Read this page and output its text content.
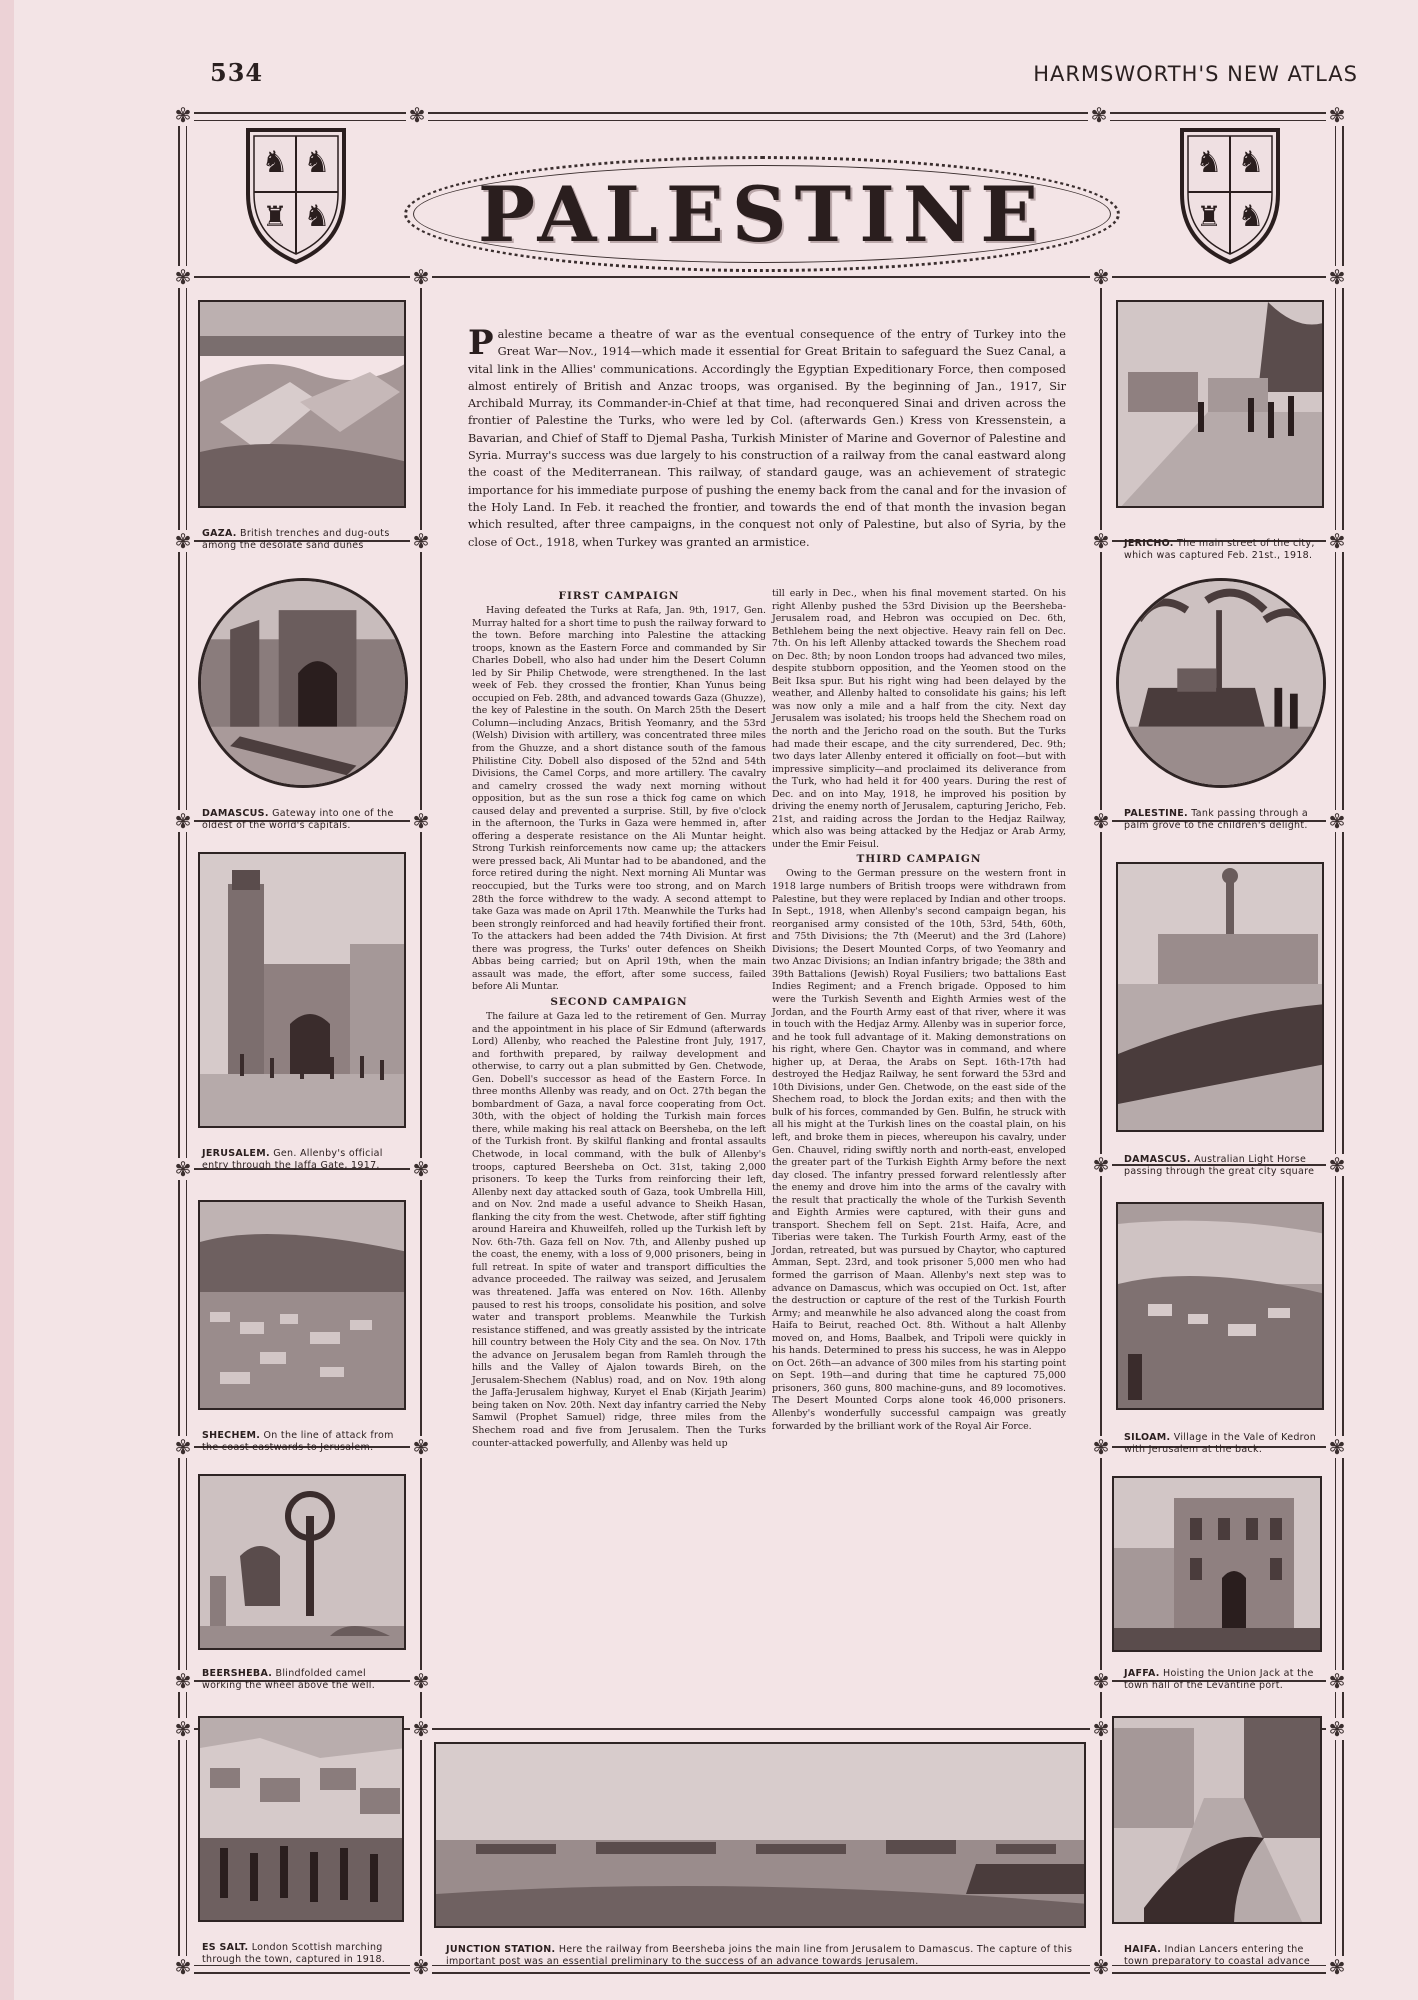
534	HARMSWORTH'S NEW ATLAS
✾	✾	✾	✾
✾	✾	✾	✾
✾	✾	✾	✾
✾	✾	✾	✾
✾	✾	✾	✾
✾	✾	✾	✾
✾	✾	✾	✾
✾	✾	✾	✾
✾	✾	✾	✾
♞ ♞
♜ ♞
♞ ♞
♜ ♞
PALESTINE
GAZA. British trenches and dug-outs among the desolate sand dunes
DAMASCUS. Gateway into one of the oldest of the world's capitals.
JERUSALEM. Gen. Allenby's official entry through the Jaffa Gate, 1917.
SHECHEM. On the line of attack from the coast eastwards to Jerusalem.
BEERSHEBA. Blindfolded camel working the wheel above the well.
ES SALT. London Scottish marching through the town, captured in 1918.
JERICHO. The main street of the city, which was captured Feb. 21st., 1918.
PALESTINE. Tank passing through a palm grove to the children's delight.
DAMASCUS. Australian Light Horse passing through the great city square
SILOAM. Village in the Vale of Kedron with Jerusalem at the back.
JAFFA. Hoisting the Union Jack at the town hall of the Levantine port.
HAIFA. Indian Lancers entering the town preparatory to coastal advance
JUNCTION STATION. Here the railway from Beersheba joins the main line from Jerusalem to Damascus. The capture of this important post was an essential preliminary to the success of an advance towards Jerusalem.
Palestine became a theatre of war as the eventual consequence of the entry of Turkey into the Great War—Nov., 1914—which made it essential for Great Britain to safeguard the Suez Canal, a vital link in the Allies' communications. Accordingly the Egyptian Expeditionary Force, then composed almost entirely of British and Anzac troops, was organised. By the beginning of Jan., 1917, Sir Archibald Murray, its Commander-in-Chief at that time, had reconquered Sinai and driven across the frontier of Palestine the Turks, who were led by Col. (afterwards Gen.) Kress von Kressenstein, a Bavarian, and Chief of Staff to Djemal Pasha, Turkish Minister of Marine and Governor of Palestine and Syria. Murray's success was due largely to his construction of a railway from the canal eastward along the coast of the Mediterranean. This railway, of standard gauge, was an achievement of strategic importance for his immediate purpose of pushing the enemy back from the canal and for the invasion of the Holy Land. In Feb. it reached the frontier, and towards the end of that month the invasion began which resulted, after three campaigns, in the conquest not only of Palestine, but also of Syria, by the close of Oct., 1918, when Turkey was granted an armistice.
FIRST CAMPAIGN

Having defeated the Turks at Rafa, Jan. 9th, 1917, Gen. Murray halted for a short time to push the railway forward to the town. Before marching into Palestine the attacking troops, known as the Eastern Force and commanded by Sir Charles Dobell, who also had under him the Desert Column led by Sir Philip Chetwode, were strengthened. In the last week of Feb. they crossed the frontier, Khan Yunus being occupied on Feb. 28th, and advanced towards Gaza (Ghuzze), the key of Palestine in the south. On March 25th the Desert Column—including Anzacs, British Yeomanry, and the 53rd (Welsh) Division with artillery, was concentrated three miles from the Ghuzze, and a short distance south of the famous Philistine City. Dobell also disposed of the 52nd and 54th Divisions, the Camel Corps, and more artillery. The cavalry and camelry crossed the wady next morning without opposition, but as the sun rose a thick fog came on which caused delay and prevented a surprise. Still, by five o'clock in the afternoon, the Turks in Gaza were hemmed in, after offering a desperate resistance on the Ali Muntar height. Strong Turkish reinforcements now came up; the attackers were pressed back, Ali Muntar had to be abandoned, and the force retired during the night. Next morning Ali Muntar was reoccupied, but the Turks were too strong, and on March 28th the force withdrew to the wady. A second attempt to take Gaza was made on April 17th. Meanwhile the Turks had been strongly reinforced and had heavily fortified their front. To the attackers had been added the 74th Division. At first there was progress, the Turks' outer defences on Sheikh Abbas being carried; but on April 19th, when the main assault was made, the effort, after some success, failed before Ali Muntar.

SECOND CAMPAIGN

The failure at Gaza led to the retirement of Gen. Murray and the appointment in his place of Sir Edmund (afterwards Lord) Allenby, who reached the Palestine front July, 1917, and forthwith prepared, by railway development and otherwise, to carry out a plan submitted by Gen. Chetwode, Gen. Dobell's successor as head of the Eastern Force. In three months Allenby was ready, and on Oct. 27th began the bombardment of Gaza, a naval force cooperating from Oct. 30th, with the object of holding the Turkish main forces there, while making his real attack on Beersheba, on the left of the Turkish front. By skilful flanking and frontal assaults Chetwode, in local command, with the bulk of Allenby's troops, captured Beersheba on Oct. 31st, taking 2,000 prisoners. To keep the Turks from reinforcing their left, Allenby next day attacked south of Gaza, took Umbrella Hill, and on Nov. 2nd made a useful advance to Sheikh Hasan, flanking the city from the west. Chetwode, after stiff fighting around Hareira and Khuweilfeh, rolled up the Turkish left by Nov. 6th-7th. Gaza fell on Nov. 7th, and Allenby pushed up the coast, the enemy, with a loss of 9,000 prisoners, being in full retreat. In spite of water and transport difficulties the advance proceeded. The railway was seized, and Jerusalem was threatened. Jaffa was entered on Nov. 16th. Allenby paused to rest his troops, consolidate his position, and solve water and transport problems. Meanwhile the Turkish resistance stiffened, and was greatly assisted by the intricate hill country between the Holy City and the sea. On Nov. 17th the advance on Jerusalem began from Ramleh through the hills and the Valley of Ajalon towards Bireh, on the Jerusalem-Shechem (Nablus) road, and on Nov. 19th along the Jaffa-Jerusalem highway, Kuryet el Enab (Kirjath Jearim) being taken on Nov. 20th. Next day infantry carried the Neby Samwil (Prophet Samuel) ridge, three miles from the Shechem road and five from Jerusalem. Then the Turks counter-attacked powerfully, and Allenby was held up

till early in Dec., when his final movement started. On his right Allenby pushed the 53rd Division up the Beersheba-Jerusalem road, and Hebron was occupied on Dec. 6th, Bethlehem being the next objective. Heavy rain fell on Dec. 7th. On his left Allenby attacked towards the Shechem road on Dec. 8th; by noon London troops had advanced two miles, despite stubborn opposition, and the Yeomen stood on the Beit Iksa spur. But his right wing had been delayed by the weather, and Allenby halted to consolidate his gains; his left was now only a mile and a half from the city. Next day Jerusalem was isolated; his troops held the Shechem road on the north and the Jericho road on the south. But the Turks had made their escape, and the city surrendered, Dec. 9th; two days later Allenby entered it officially on foot—but with impressive simplicity—and proclaimed its deliverance from the Turk, who had held it for 400 years. During the rest of Dec. and on into May, 1918, he improved his position by driving the enemy north of Jerusalem, capturing Jericho, Feb. 21st, and raiding across the Jordan to the Hedjaz Railway, which also was being attacked by the Hedjaz or Arab Army, under the Emir Feisul.

THIRD CAMPAIGN

Owing to the German pressure on the western front in 1918 large numbers of British troops were withdrawn from Palestine, but they were replaced by Indian and other troops. In Sept., 1918, when Allenby's second campaign began, his reorganised army consisted of the 10th, 53rd, 54th, 60th, and 75th Divisions; the 7th (Meerut) and the 3rd (Lahore) Divisions; the Desert Mounted Corps, of two Yeomanry and two Anzac Divisions; an Indian infantry brigade; the 38th and 39th Battalions (Jewish) Royal Fusiliers; two battalions East Indies Regiment; and a French brigade. Opposed to him were the Turkish Seventh and Eighth Armies west of the Jordan, and the Fourth Army east of that river, where it was in touch with the Hedjaz Army. Allenby was in superior force, and he took full advantage of it. Making demonstrations on his right, where Gen. Chaytor was in command, and where higher up, at Deraa, the Arabs on Sept. 16th-17th had destroyed the Hedjaz Railway, he sent forward the 53rd and 10th Divisions, under Gen. Chetwode, on the east side of the Shechem road, to block the Jordan exits; and then with the bulk of his forces, commanded by Gen. Bulfin, he struck with all his might at the Turkish lines on the coastal plain, on his left, and broke them in pieces, whereupon his cavalry, under Gen. Chauvel, riding swiftly north and north-east, enveloped the greater part of the Turkish Eighth Army before the next day closed. The infantry pressed forward relentlessly after the enemy and drove him into the arms of the cavalry with the result that practically the whole of the Turkish Seventh and Eighth Armies were captured, with their guns and transport. Shechem fell on Sept. 21st. Haifa, Acre, and Tiberias were taken. The Turkish Fourth Army, east of the Jordan, retreated, but was pursued by Chaytor, who captured Amman, Sept. 23rd, and took prisoner 5,000 men who had formed the garrison of Maan. Allenby's next step was to advance on Damascus, which was occupied on Oct. 1st, after the destruction or capture of the rest of the Turkish Fourth Army; and meanwhile he also advanced along the coast from Haifa to Beirut, reached Oct. 8th. Without a halt Allenby moved on, and Homs, Baalbek, and Tripoli were quickly in his hands. Determined to press his success, he was in Aleppo on Oct. 26th—an advance of 300 miles from his starting point on Sept. 19th—and during that time he captured 75,000 prisoners, 360 guns, 800 machine-guns, and 89 locomotives. The Desert Mounted Corps alone took 46,000 prisoners. Allenby's wonderfully successful campaign was greatly forwarded by the brilliant work of the Royal Air Force.
